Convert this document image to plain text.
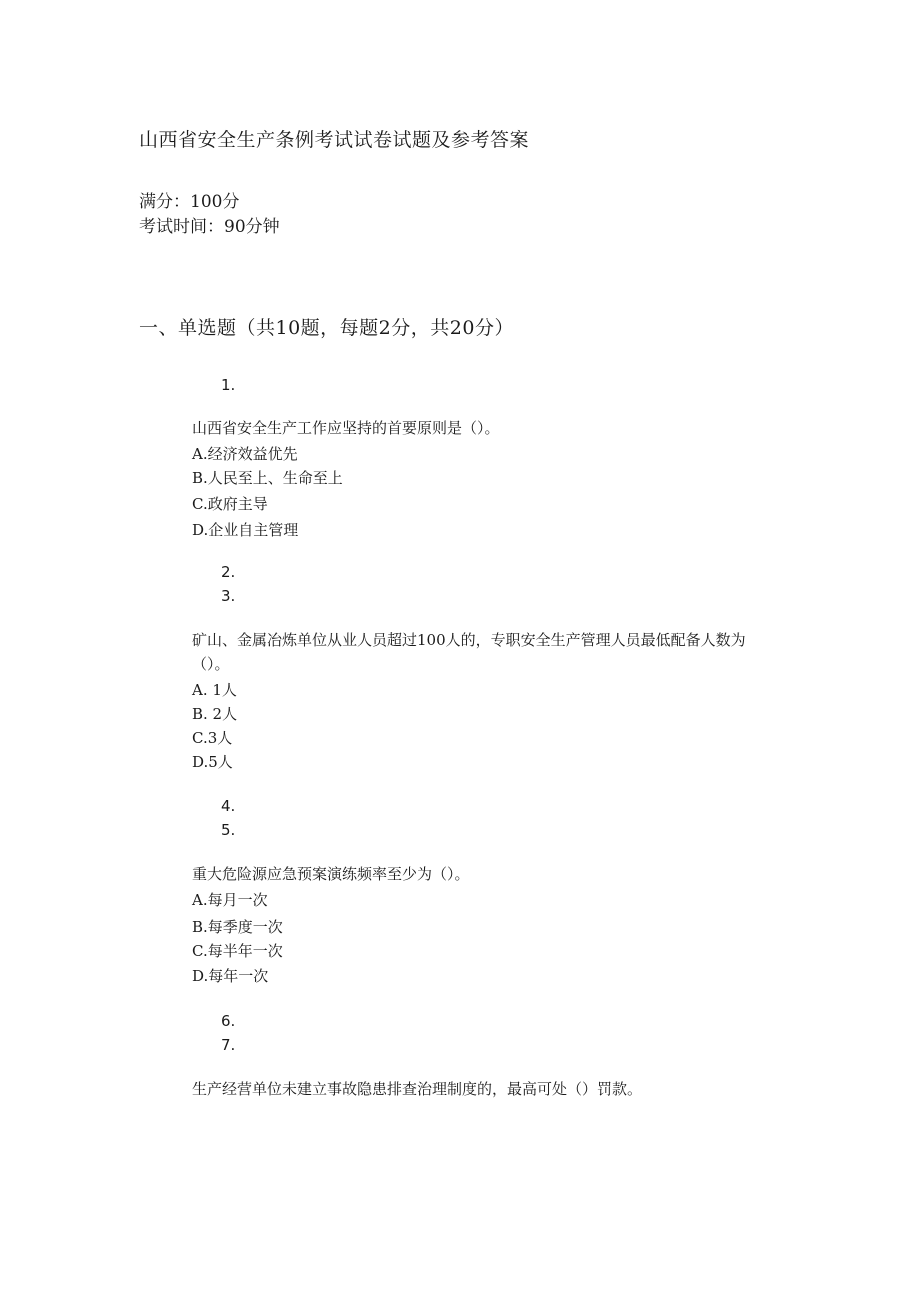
山西省安全生产条例考试试卷试题及参考答案
满分：100分
考试时间：90分钟
一、单选题（共10题，每题2分，共20分）
1.
山西省安全生产工作应坚持的首要原则是（）。
A.经济效益优先
B.人民至上、生命至上
C.政府主导
D.企业自主管理
2.
3.
矿山、金属冶炼单位从业人员超过100人的，专职安全生产管理人员最低配备人数为
（）。
A. 1人
B. 2人
C.3人
D.5人
4.
5.
重大危险源应急预案演练频率至少为（）。
A.每月一次
B.每季度一次
C.每半年一次
D.每年一次
6.
7.
生产经营单位未建立事故隐患排查治理制度的，最高可处（）罚款。
